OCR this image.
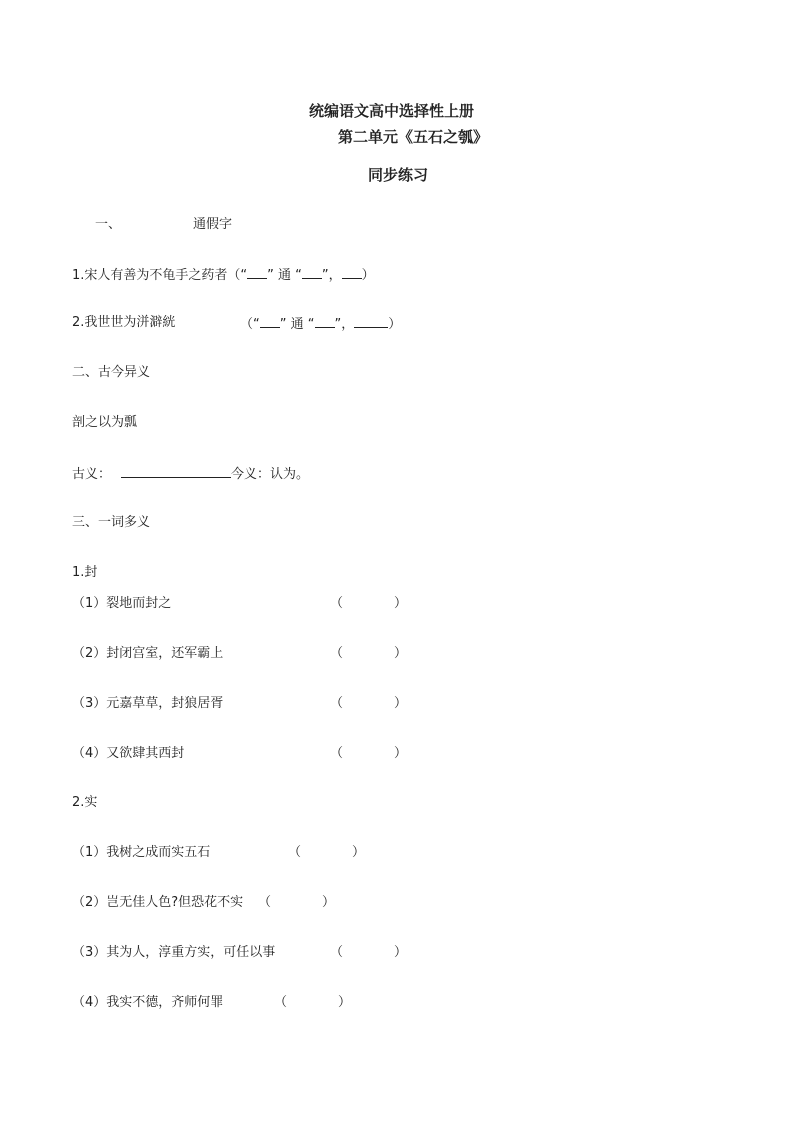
统编语文高中选择性上册
第二单元《五石之瓠》
同步练习
一、	通假字
1.宋人有善为不龟手之药者（“ ” 通 “ ”， ）
2.我世世为洴澼絖	（“ ” 通 “ ”，	）
二、古今异义
剖之以为瓢
古义：	今义：认为。
三、一词多义
1.封
（1）裂地而封之	（	）
（2）封闭宫室，还军霸上	（	）
（3）元嘉草草，封狼居胥	（	）
（4）又欲肆其西封	（	）
2.实
（1）我树之成而实五石	（	）
（2）岂无佳人色?但恐花不实 （	）
（3）其为人，淳重方实，可任以事	（	）
（4）我实不德，齐师何罪	（	）
